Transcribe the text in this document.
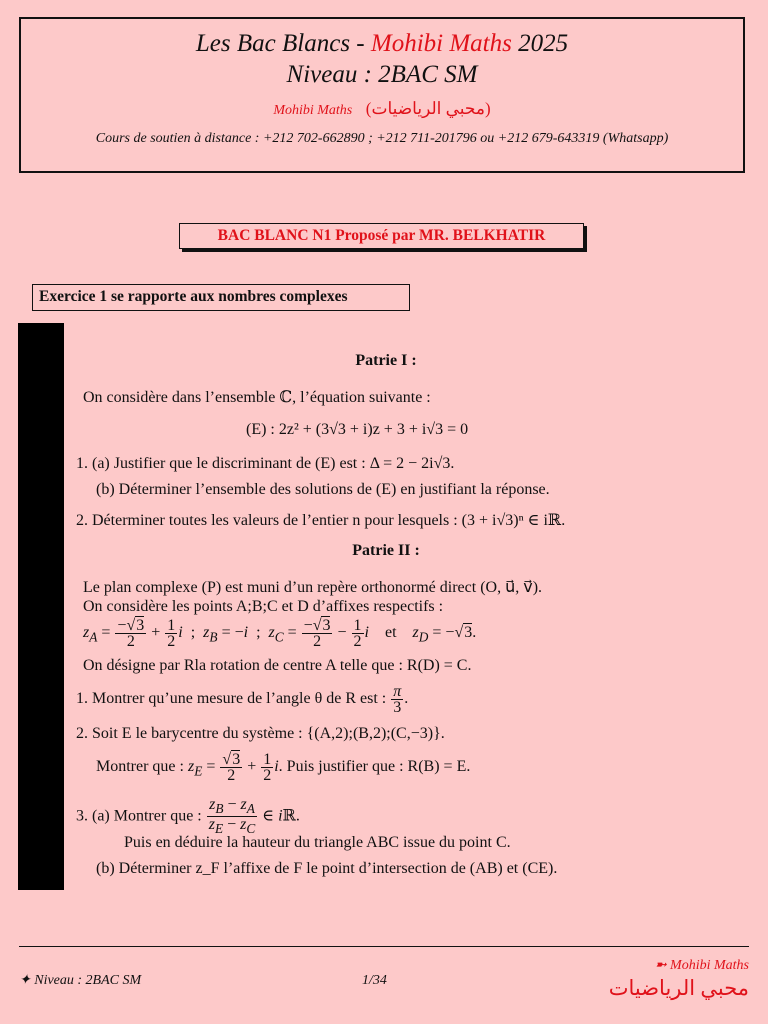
Les Bac Blancs - Mohibi Maths 2025
Niveau : 2BAC SM
Mohibi Maths (محبي الرياضيات)
Cours de soutien à distance : +212 702-662890 ; +212 711-201796 ou +212 679-643319 (Whatsapp)
BAC BLANC N1 Proposé par MR. BELKHATIR
Exercice 1 se rapporte aux nombres complexes
Patrie I :
On considère dans l’ensemble ℂ, l’équation suivante :
(E) : 2z² + (3√3 + i)z + 3 + i√3 = 0
1. (a) Justifier que le discriminant de (E) est : Δ = 2 − 2i√3.
(b) Déterminer l’ensemble des solutions de (E) en justifiant la réponse.
2. Déterminer toutes les valeurs de l’entier n pour lesquels : (3 + i√3)ⁿ ∈ iℝ.
Patrie II :
Le plan complexe (P) est muni d’un repère orthonormé direct (O, u⃗, v⃗).
On considère les points A;B;C et D d’affixes respectifs :
$z_A = \frac{-√3}{2} + \frac{1}{2}$ i  ;  $z_B = -i$  ;  $z_C = \frac{-√3}{2} - \frac{1}{2}$ i    et    $z_D = -√3$.
On désigne par Rla rotation de centre A telle que : R(D) = C.
1. Montrer qu’une mesure de l’angle θ de R est : $\frac{\pi}{3}$ .
2. Soit E le barycentre du système : {(A,2);(B,2);(C,−3)}.
Montrer que : $z_E = \frac{√3}{2} + \frac{1}{2} i$. Puis justifier que : R(B) = E.
3. (a) Montrer que : $\frac{z_B - z_A}{z_E - z_C}$ ∈ iℝ.
Puis en déduire la hauteur du triangle ABC issue du point C.
(b) Déterminer z_F l’affixe de F le point d’intersection de (AB) et (CE).
✦ Niveau : 2BAC SM	1/34
➼ Mohibi Maths
محبي الرياضيات
